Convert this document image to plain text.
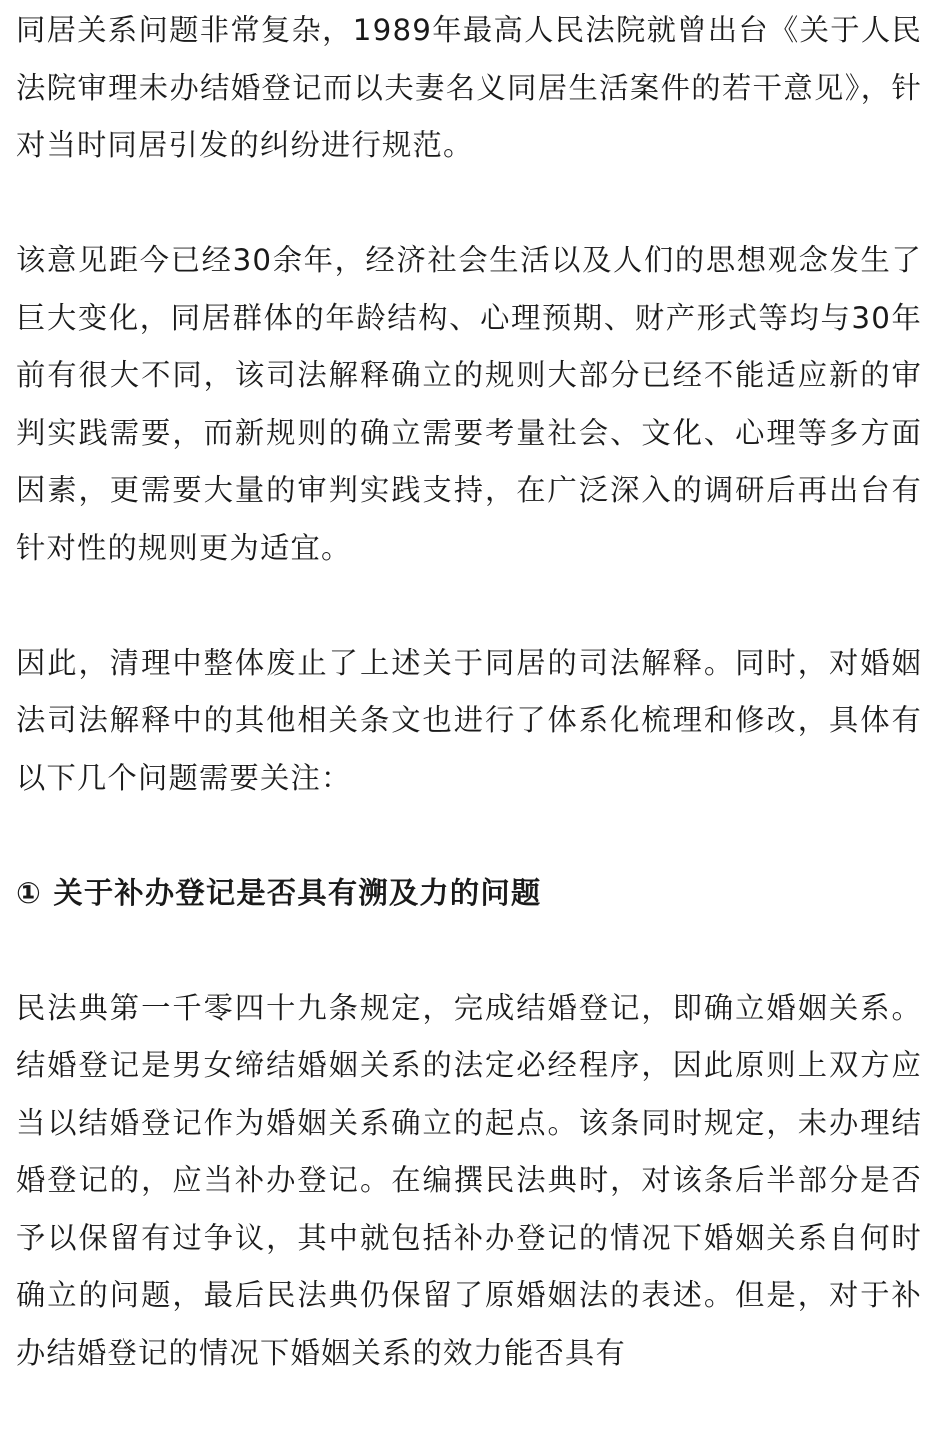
同居关系问题非常复杂，1989年最高人民法院就曾出台《关于人民法院审理未办结婚登记而以夫妻名义同居生活案件的若干意见》，针对当时同居引发的纠纷进行规范。

该意见距今已经30余年，经济社会生活以及人们的思想观念发生了巨大变化，同居群体的年龄结构、心理预期、财产形式等均与30年前有很大不同，该司法解释确立的规则大部分已经不能适应新的审判实践需要，而新规则的确立需要考量社会、文化、心理等多方面因素，更需要大量的审判实践支持，在广泛深入的调研后再出台有针对性的规则更为适宜。

因此，清理中整体废止了上述关于同居的司法解释。同时，对婚姻法司法解释中的其他相关条文也进行了体系化梳理和修改，具体有以下几个问题需要关注：

① 关于补办登记是否具有溯及力的问题

民法典第一千零四十九条规定，完成结婚登记，即确立婚姻关系。结婚登记是男女缔结婚姻关系的法定必经程序，因此原则上双方应当以结婚登记作为婚姻关系确立的起点。该条同时规定，未办理结婚登记的，应当补办登记。在编撰民法典时，对该条后半部分是否予以保留有过争议，其中就包括补办登记的情况下婚姻关系自何时确立的问题，最后民法典仍保留了原婚姻法的表述。但是，对于补办结婚登记的情况下婚姻关系的效力能否具有
